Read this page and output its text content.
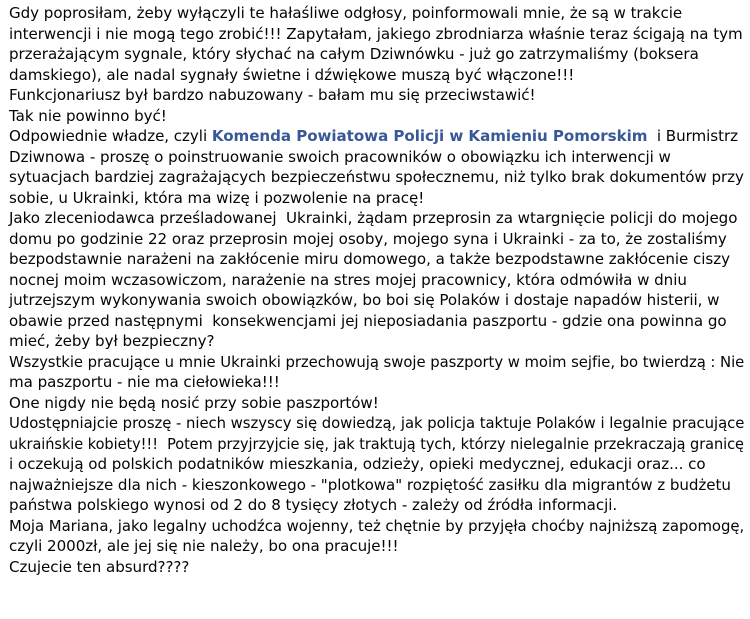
Gdy poprosiłam, żeby wyłączyli te hałaśliwe odgłosy, poinformowali mnie, że są w trakcie
interwencji i nie mogą tego zrobić!!! Zapytałam, jakiego zbrodniarza właśnie teraz ścigają na tym
przerażającym sygnale, który słychać na całym Dziwnówku - już go zatrzymaliśmy (boksera
damskiego), ale nadal sygnały świetne i dźwiękowe muszą być włączone!!!
Funkcjonariusz był bardzo nabuzowany - bałam mu się przeciwstawić!
Tak nie powinno być!
Odpowiednie władze, czyli Komenda Powiatowa Policji w Kamieniu Pomorskim  i Burmistrz
Dziwnowa - proszę o poinstruowanie swoich pracowników o obowiązku ich interwencji w
sytuacjach bardziej zagrażających bezpieczeństwu społecznemu, niż tylko brak dokumentów przy
sobie, u Ukrainki, która ma wizę i pozwolenie na pracę!
Jako zleceniodawca prześladowanej  Ukrainki, żądam przeprosin za wtargnięcie policji do mojego
domu po godzinie 22 oraz przeprosin mojej osoby, mojego syna i Ukrainki - za to, że zostaliśmy
bezpodstawnie narażeni na zakłócenie miru domowego, a także bezpodstawne zakłócenie ciszy
nocnej moim wczasowiczom, narażenie na stres mojej pracownicy, która odmówiła w dniu
jutrzejszym wykonywania swoich obowiązków, bo boi się Polaków i dostaje napadów histerii, w
obawie przed następnymi  konsekwencjami jej nieposiadania paszportu - gdzie ona powinna go
mieć, żeby był bezpieczny?
Wszystkie pracujące u mnie Ukrainki przechowują swoje paszporty w moim sejfie, bo twierdzą : Nie
ma paszportu - nie ma ciełowieka!!!
One nigdy nie będą nosić przy sobie paszportów!
Udostępniajcie proszę - niech wszyscy się dowiedzą, jak policja taktuje Polaków i legalnie pracujące
ukraińskie kobiety!!!  Potem przyjrzyjcie się, jak traktują tych, którzy nielegalnie przekraczają granicę
i oczekują od polskich podatników mieszkania, odzieży, opieki medycznej, edukacji oraz... co
najważniejsze dla nich - kieszonkowego - "plotkowa" rozpiętość zasiłku dla migrantów z budżetu
państwa polskiego wynosi od 2 do 8 tysięcy złotych - zależy od źródła informacji.
Moja Mariana, jako legalny uchodźca wojenny, też chętnie by przyjęła choćby najniższą zapomogę,
czyli 2000zł, ale jej się nie należy, bo ona pracuje!!!
Czujecie ten absurd????
